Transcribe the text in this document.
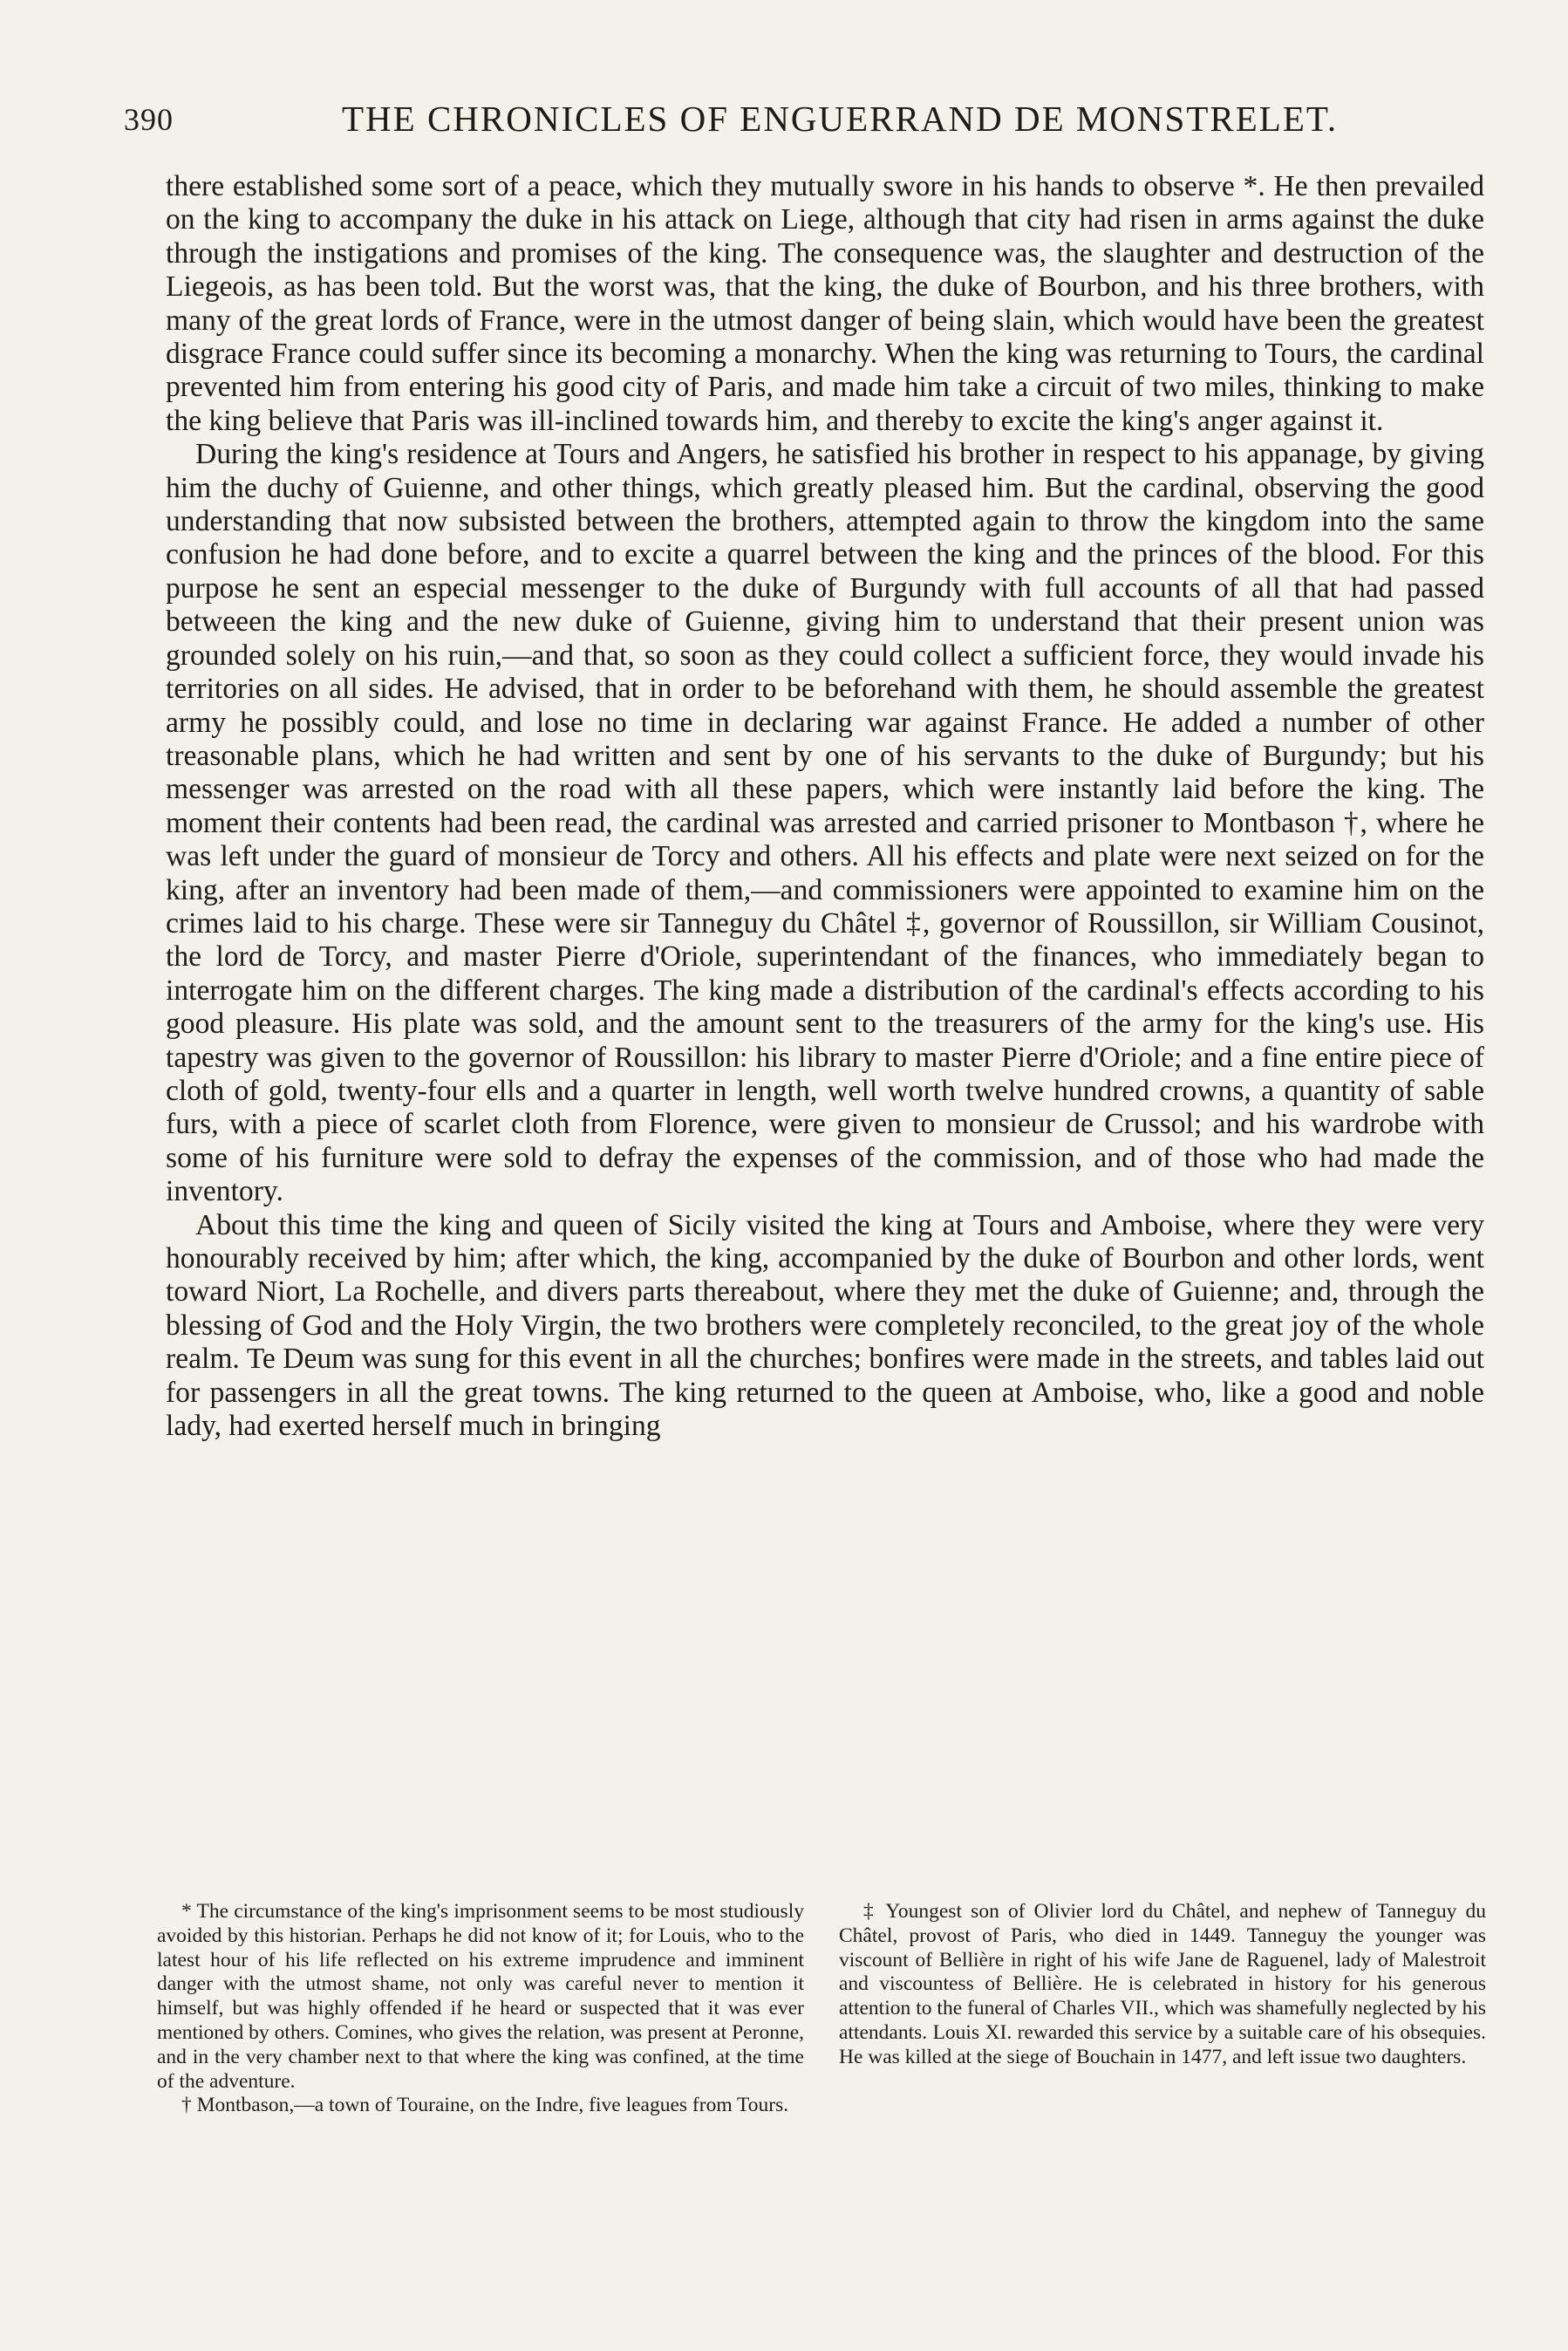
390	THE CHRONICLES OF ENGUERRAND DE MONSTRELET.

there established some sort of a peace, which they mutually swore in his hands to observe *. He then prevailed on the king to accompany the duke in his attack on Liege, although that city had risen in arms against the duke through the instigations and promises of the king. The consequence was, the slaughter and destruction of the Liegeois, as has been told. But the worst was, that the king, the duke of Bourbon, and his three brothers, with many of the great lords of France, were in the utmost danger of being slain, which would have been the greatest disgrace France could suffer since its becoming a monarchy. When the king was returning to Tours, the cardinal prevented him from entering his good city of Paris, and made him take a circuit of two miles, thinking to make the king believe that Paris was ill-inclined towards him, and thereby to excite the king's anger against it.

During the king's residence at Tours and Angers, he satisfied his brother in respect to his appanage, by giving him the duchy of Guienne, and other things, which greatly pleased him. But the cardinal, observing the good understanding that now subsisted between the brothers, attempted again to throw the kingdom into the same confusion he had done before, and to excite a quarrel between the king and the princes of the blood. For this purpose he sent an especial messenger to the duke of Burgundy with full accounts of all that had passed betweeen the king and the new duke of Guienne, giving him to understand that their present union was grounded solely on his ruin,—and that, so soon as they could collect a sufficient force, they would invade his territories on all sides. He advised, that in order to be beforehand with them, he should assemble the greatest army he possibly could, and lose no time in declaring war against France. He added a number of other treasonable plans, which he had written and sent by one of his servants to the duke of Burgundy; but his messenger was arrested on the road with all these papers, which were instantly laid before the king. The moment their contents had been read, the cardinal was arrested and carried prisoner to Montbason †, where he was left under the guard of monsieur de Torcy and others. All his effects and plate were next seized on for the king, after an inventory had been made of them,—and commissioners were appointed to examine him on the crimes laid to his charge. These were sir Tanneguy du Châtel ‡, governor of Roussillon, sir William Cousinot, the lord de Torcy, and master Pierre d'Oriole, superintendant of the finances, who immediately began to interrogate him on the different charges. The king made a distribution of the cardinal's effects according to his good pleasure. His plate was sold, and the amount sent to the treasurers of the army for the king's use. His tapestry was given to the governor of Roussillon: his library to master Pierre d'Oriole; and a fine entire piece of cloth of gold, twenty-four ells and a quarter in length, well worth twelve hundred crowns, a quantity of sable furs, with a piece of scarlet cloth from Florence, were given to monsieur de Crussol; and his wardrobe with some of his furniture were sold to defray the expenses of the commission, and of those who had made the inventory.

About this time the king and queen of Sicily visited the king at Tours and Amboise, where they were very honourably received by him; after which, the king, accompanied by the duke of Bourbon and other lords, went toward Niort, La Rochelle, and divers parts thereabout, where they met the duke of Guienne; and, through the blessing of God and the Holy Virgin, the two brothers were completely reconciled, to the great joy of the whole realm. Te Deum was sung for this event in all the churches; bonfires were made in the streets, and tables laid out for passengers in all the great towns. The king returned to the queen at Amboise, who, like a good and noble lady, had exerted herself much in bringing

* The circumstance of the king's imprisonment seems to be most studiously avoided by this historian. Perhaps he did not know of it; for Louis, who to the latest hour of his life reflected on his extreme imprudence and imminent danger with the utmost shame, not only was careful never to mention it himself, but was highly offended if he heard or suspected that it was ever mentioned by others. Comines, who gives the relation, was present at Peronne, and in the very chamber next to that where the king was confined, at the time of the adventure.

† Montbason,—a town of Touraine, on the Indre, five leagues from Tours.

‡ Youngest son of Olivier lord du Châtel, and nephew of Tanneguy du Châtel, provost of Paris, who died in 1449. Tanneguy the younger was viscount of Bellière in right of his wife Jane de Raguenel, lady of Malestroit and viscountess of Bellière. He is celebrated in history for his generous attention to the funeral of Charles VII., which was shamefully neglected by his attendants. Louis XI. rewarded this service by a suitable care of his obsequies. He was killed at the siege of Bouchain in 1477, and left issue two daughters.
